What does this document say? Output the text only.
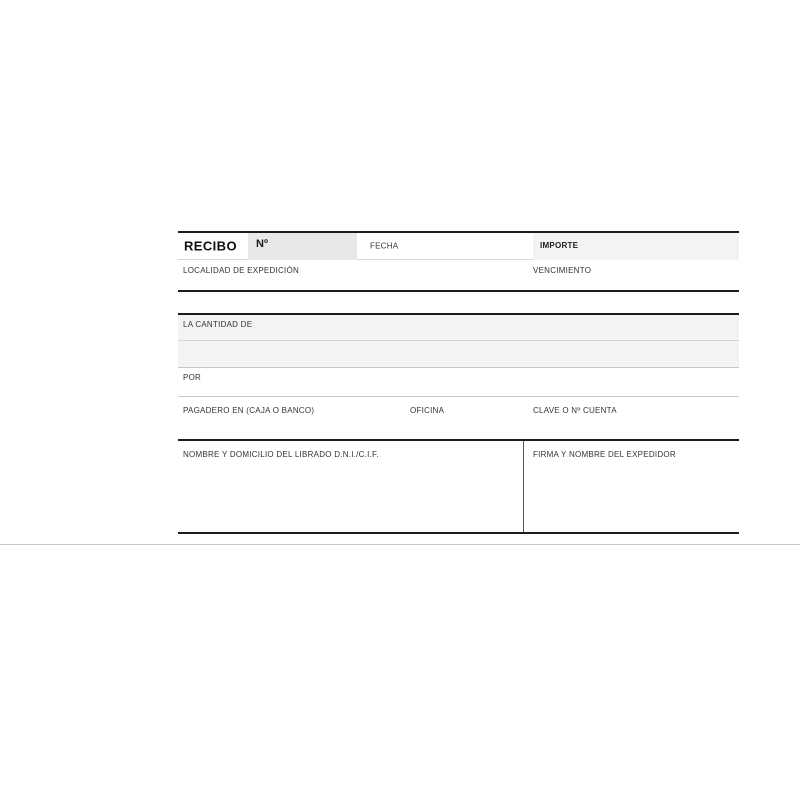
RECIBO Nº	FECHA	IMPORTE
LOCALIDAD DE EXPEDICIÓN	VENCIMIENTO
LA CANTIDAD DE
POR
PAGADERO EN (CAJA O BANCO)	OFICINA	CLAVE O Nº CUENTA
NOMBRE Y DOMICILIO DEL LIBRADO D.N.I./C.I.F.	FIRMA Y NOMBRE DEL EXPEDIDOR
